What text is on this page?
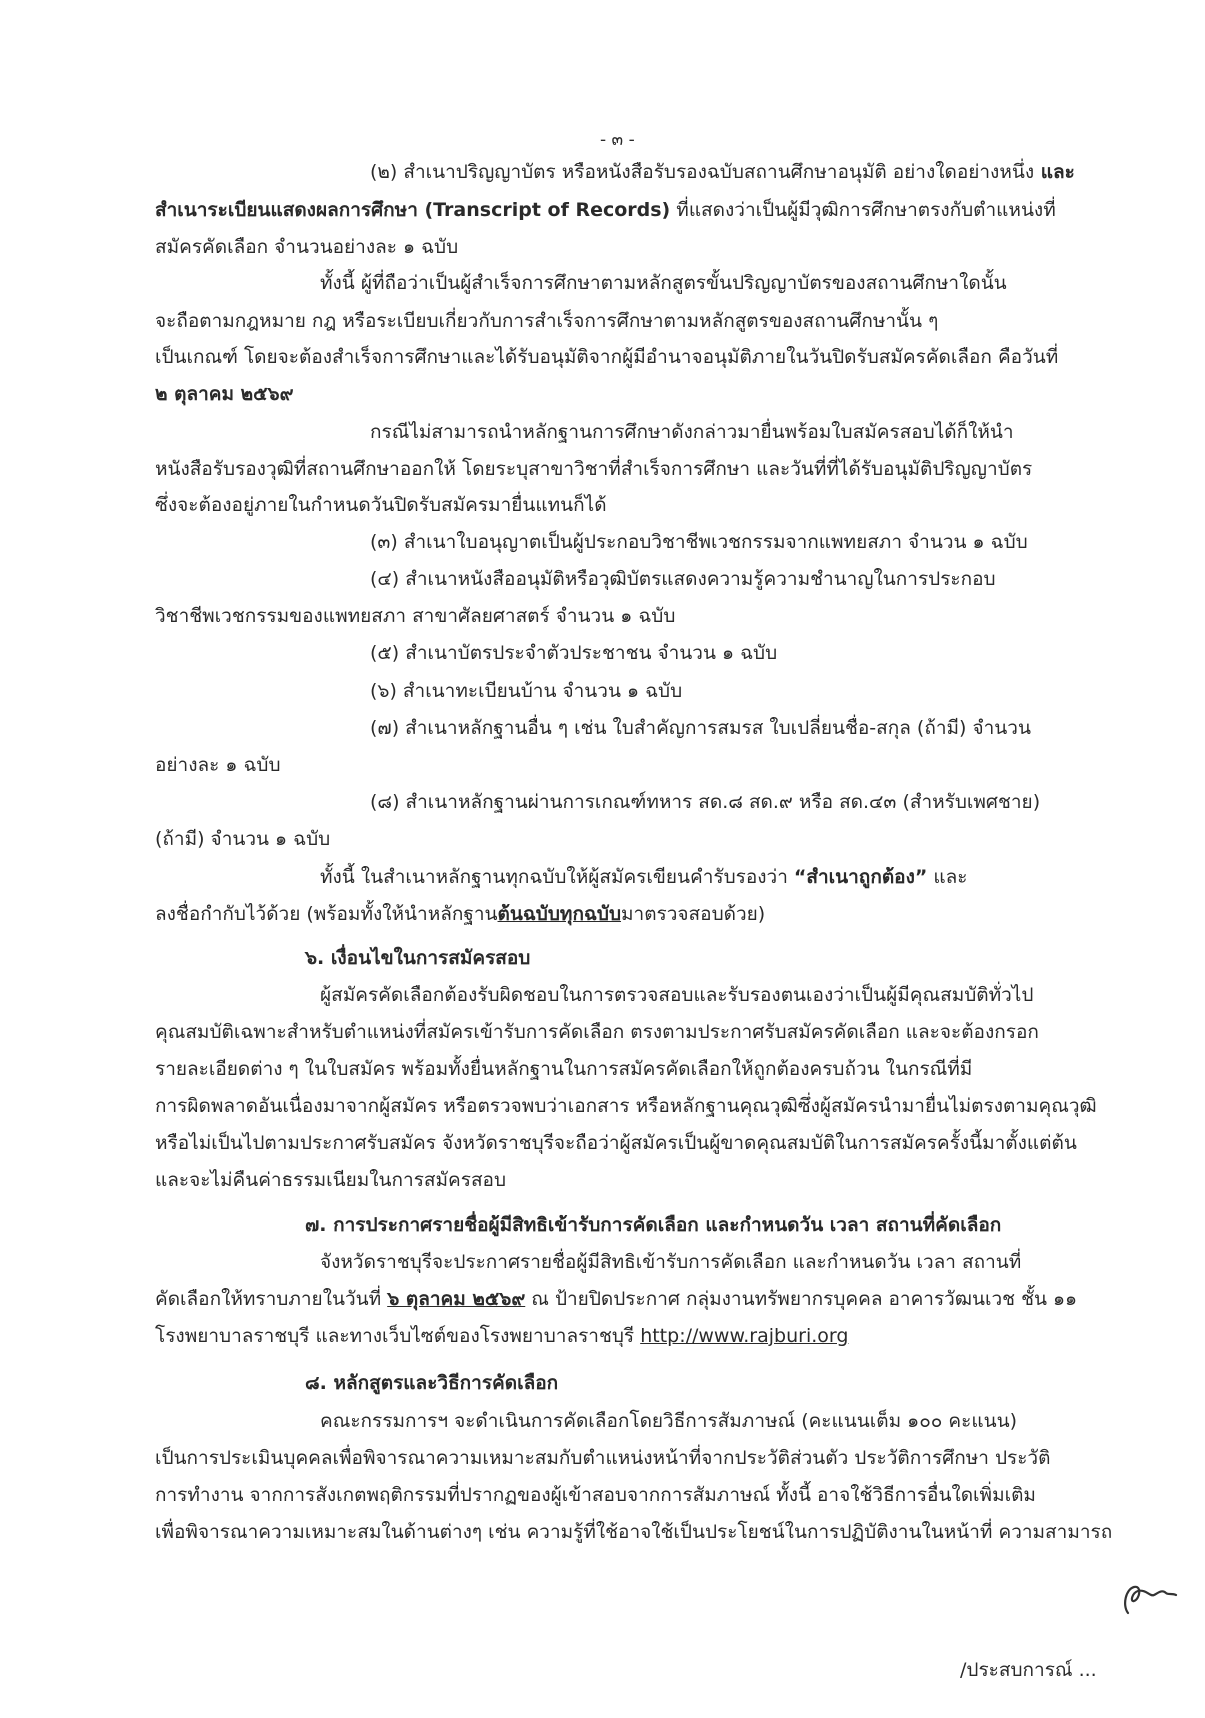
- ๓ -
(๒) สำเนาปริญญาบัตร หรือหนังสือรับรองฉบับสถานศึกษาอนุมัติ อย่างใดอย่างหนึ่ง และ
สำเนาระเบียนแสดงผลการศึกษา (Transcript of Records) ที่แสดงว่าเป็นผู้มีวุฒิการศึกษาตรงกับตำแหน่งที่
สมัครคัดเลือก จำนวนอย่างละ ๑ ฉบับ
ทั้งนี้ ผู้ที่ถือว่าเป็นผู้สำเร็จการศึกษาตามหลักสูตรขั้นปริญญาบัตรของสถานศึกษาใดนั้น
จะถือตามกฎหมาย กฎ หรือระเบียบเกี่ยวกับการสำเร็จการศึกษาตามหลักสูตรของสถานศึกษานั้น ๆ
เป็นเกณฑ์ โดยจะต้องสำเร็จการศึกษาและได้รับอนุมัติจากผู้มีอำนาจอนุมัติภายในวันปิดรับสมัครคัดเลือก คือวันที่
๒ ตุลาคม ๒๕๖๙
กรณีไม่สามารถนำหลักฐานการศึกษาดังกล่าวมายื่นพร้อมใบสมัครสอบได้ก็ให้นำ
หนังสือรับรองวุฒิที่สถานศึกษาออกให้ โดยระบุสาขาวิชาที่สำเร็จการศึกษา และวันที่ที่ได้รับอนุมัติปริญญาบัตร
ซึ่งจะต้องอยู่ภายในกำหนดวันปิดรับสมัครมายื่นแทนก็ได้
(๓) สำเนาใบอนุญาตเป็นผู้ประกอบวิชาชีพเวชกรรมจากแพทยสภา จำนวน ๑ ฉบับ
(๔) สำเนาหนังสืออนุมัติหรือวุฒิบัตรแสดงความรู้ความชำนาญในการประกอบ
วิชาชีพเวชกรรมของแพทยสภา สาขาศัลยศาสตร์ จำนวน ๑ ฉบับ
(๕) สำเนาบัตรประจำตัวประชาชน จำนวน ๑ ฉบับ
(๖) สำเนาทะเบียนบ้าน จำนวน ๑ ฉบับ
(๗) สำเนาหลักฐานอื่น ๆ เช่น ใบสำคัญการสมรส ใบเปลี่ยนชื่อ-สกุล (ถ้ามี) จำนวน
อย่างละ ๑ ฉบับ
(๘) สำเนาหลักฐานผ่านการเกณฑ์ทหาร สด.๘ สด.๙ หรือ สด.๔๓ (สำหรับเพศชาย)
(ถ้ามี) จำนวน ๑ ฉบับ
ทั้งนี้ ในสำเนาหลักฐานทุกฉบับให้ผู้สมัครเขียนคำรับรองว่า “สำเนาถูกต้อง” และ
ลงชื่อกำกับไว้ด้วย (พร้อมทั้งให้นำหลักฐานต้นฉบับทุกฉบับมาตรวจสอบด้วย)
๖. เงื่อนไขในการสมัครสอบ
ผู้สมัครคัดเลือกต้องรับผิดชอบในการตรวจสอบและรับรองตนเองว่าเป็นผู้มีคุณสมบัติทั่วไป
คุณสมบัติเฉพาะสำหรับตำแหน่งที่สมัครเข้ารับการคัดเลือก ตรงตามประกาศรับสมัครคัดเลือก และจะต้องกรอก
รายละเอียดต่าง ๆ ในใบสมัคร พร้อมทั้งยื่นหลักฐานในการสมัครคัดเลือกให้ถูกต้องครบถ้วน ในกรณีที่มี
การผิดพลาดอันเนื่องมาจากผู้สมัคร หรือตรวจพบว่าเอกสาร หรือหลักฐานคุณวุฒิซึ่งผู้สมัครนำมายื่นไม่ตรงตามคุณวุฒิ
หรือไม่เป็นไปตามประกาศรับสมัคร จังหวัดราชบุรีจะถือว่าผู้สมัครเป็นผู้ขาดคุณสมบัติในการสมัครครั้งนี้มาตั้งแต่ต้น
และจะไม่คืนค่าธรรมเนียมในการสมัครสอบ
๗. การประกาศรายชื่อผู้มีสิทธิเข้ารับการคัดเลือก และกำหนดวัน เวลา สถานที่คัดเลือก
จังหวัดราชบุรีจะประกาศรายชื่อผู้มีสิทธิเข้ารับการคัดเลือก และกำหนดวัน เวลา สถานที่
คัดเลือกให้ทราบภายในวันที่ ๖ ตุลาคม ๒๕๖๙ ณ ป้ายปิดประกาศ กลุ่มงานทรัพยากรบุคคล อาคารวัฒนเวช ชั้น ๑๑
โรงพยาบาลราชบุรี และทางเว็บไซต์ของโรงพยาบาลราชบุรี http://www.rajburi.org
๘. หลักสูตรและวิธีการคัดเลือก
คณะกรรมการฯ จะดำเนินการคัดเลือกโดยวิธีการสัมภาษณ์ (คะแนนเต็ม ๑๐๐ คะแนน)
เป็นการประเมินบุคคลเพื่อพิจารณาความเหมาะสมกับตำแหน่งหน้าที่จากประวัติส่วนตัว ประวัติการศึกษา ประวัติ
การทำงาน จากการสังเกตพฤติกรรมที่ปรากฏของผู้เข้าสอบจากการสัมภาษณ์ ทั้งนี้ อาจใช้วิธีการอื่นใดเพิ่มเติม
เพื่อพิจารณาความเหมาะสมในด้านต่างๆ เช่น ความรู้ที่ใช้อาจใช้เป็นประโยชน์ในการปฏิบัติงานในหน้าที่ ความสามารถ
/ประสบการณ์ ...
